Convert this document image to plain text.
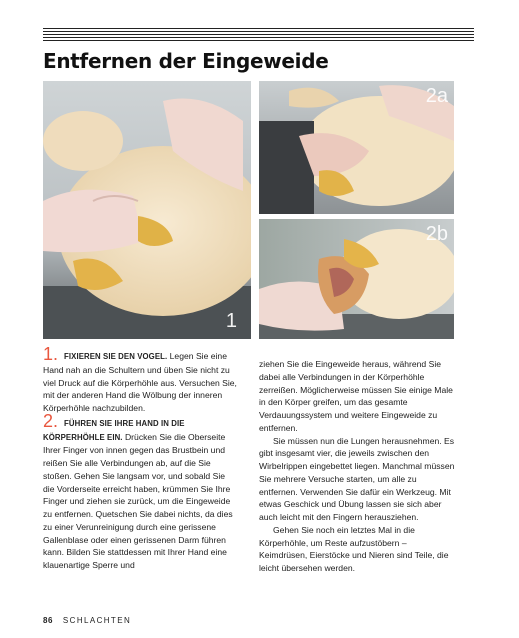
Entfernen der Eingeweide
1
2a
2b

1. FIXIEREN SIE DEN VOGEL. Legen Sie eine Hand nah an die Schultern und üben Sie nicht zu viel Druck auf die Körperhöhle aus. Versuchen Sie, mit der anderen Hand die Wölbung der inneren Körperhöhle nachzubilden.

2. FÜHREN SIE IHRE HAND IN DIE KÖRPERHÖHLE EIN. Drücken Sie die Oberseite Ihrer Finger von innen gegen das Brustbein und reißen Sie alle Verbindungen ab, auf die Sie stoßen. Gehen Sie langsam vor, und sobald Sie die Vorderseite erreicht haben, krümmen Sie Ihre Finger und ziehen sie zurück, um die Eingeweide zu entfernen. Quetschen Sie dabei nichts, da dies zu einer Verunreinigung durch eine gerissene Gallenblase oder einen gerissenen Darm führen kann. Bilden Sie stattdessen mit Ihrer Hand eine klauenartige Sperre und

ziehen Sie die Eingeweide heraus, während Sie dabei alle Verbindungen in der Körperhöhle zerreißen. Möglicherweise müssen Sie einige Male in den Körper greifen, um das gesamte Verdauungssystem und weitere Eingeweide zu entfernen.

Sie müssen nun die Lungen herausnehmen. Es gibt insgesamt vier, die jeweils zwischen den Wirbelrippen eingebettet liegen. Manchmal müssen Sie mehrere Versuche starten, um alle zu entfernen. Verwenden Sie dafür ein Werkzeug. Mit etwas Geschick und Übung lassen sie sich aber auch leicht mit den Fingern herausziehen.

Gehen Sie noch ein letztes Mal in die Körperhöhle, um Reste aufzustöbern – Keimdrüsen, Eierstöcke und Nieren sind Teile, die leicht übersehen werden.

86 SCHLACHTEN
